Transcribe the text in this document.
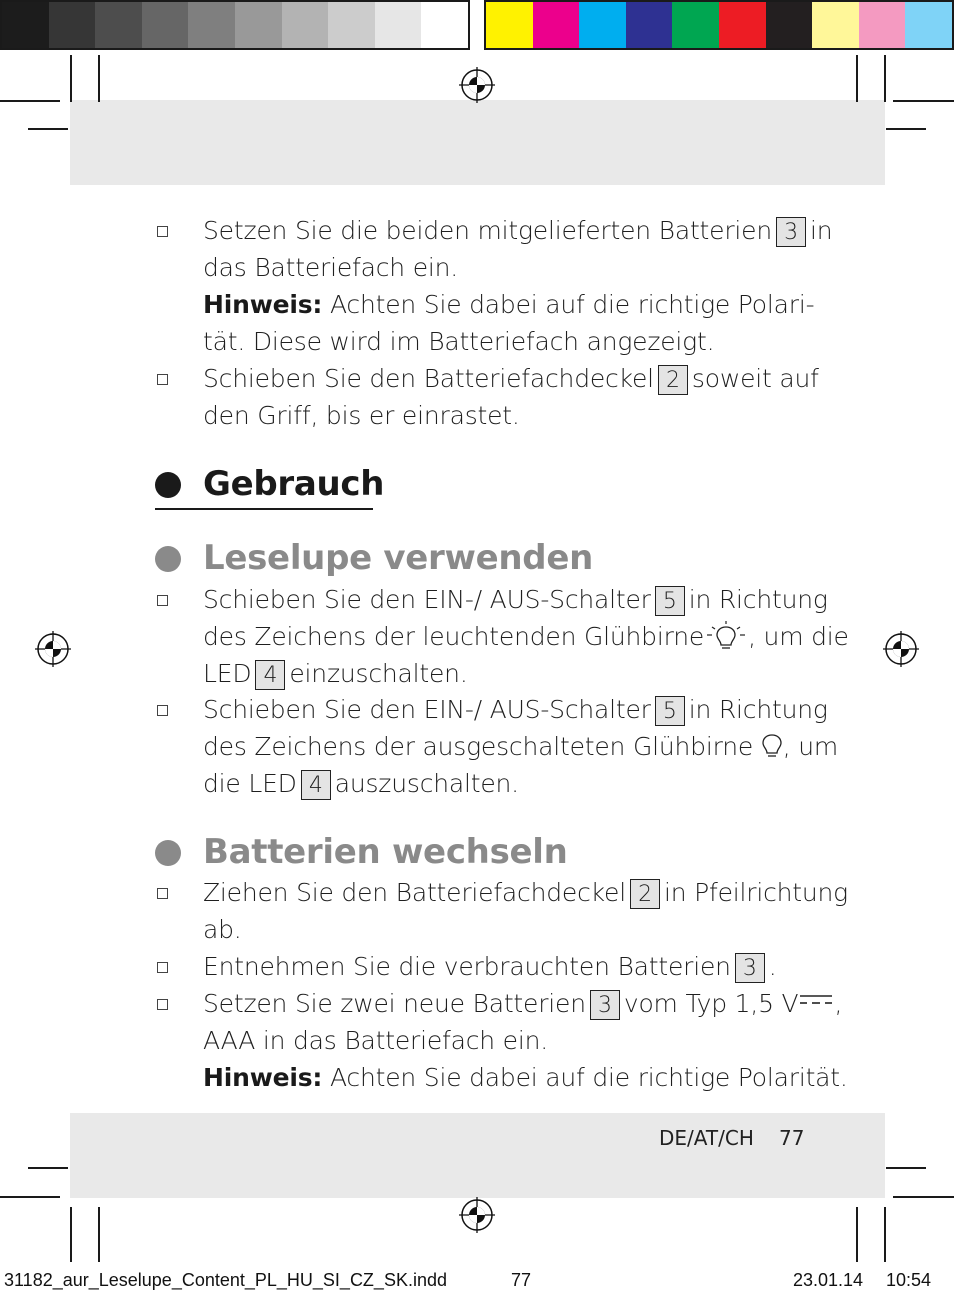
Setzen Sie die beiden mitgelieferten Batterien 3 in
das Batteriefach ein.
Hinweis: Achten Sie dabei auf die richtige Polari-
tät. Diese wird im Batteriefach angezeigt.
Schieben Sie den Batteriefachdeckel 2 soweit auf
den Griff, bis er einrastet.
Gebrauch
Leselupe verwenden
Schieben Sie den EIN-/ AUS-Schalter 5 in Richtung
des Zeichens der leuchtenden Glühbirne , um die
LED 4 einzuschalten.
Schieben Sie den EIN-/ AUS-Schalter 5 in Richtung
des Zeichens der ausgeschalteten Glühbirne , um
die LED 4 auszuschalten.
Batterien wechseln
Ziehen Sie den Batteriefachdeckel 2 in Pfeilrichtung
ab.
Entnehmen Sie die verbrauchten Batterien 3 .
Setzen Sie zwei neue Batterien 3 vom Typ 1,5 V ,
AAA in das Batteriefach ein.
Hinweis: Achten Sie dabei auf die richtige Polarität.
DE/AT/CH 77
31182_aur_Leselupe_Content_PL_HU_SI_CZ_SK.indd	77	23.01.14 10:54
